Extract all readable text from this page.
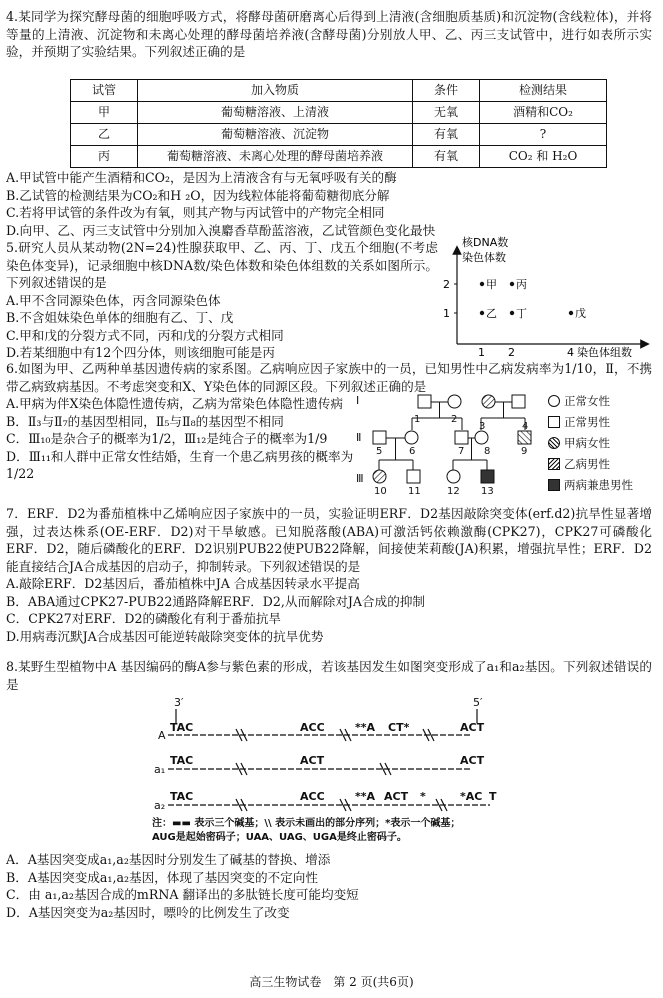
4.某同学为探究酵母菌的细胞呼吸方式，将酵母菌研磨离心后得到上清液(含细胞质基质)和沉淀物(含线粒体)，并将等量的上清液、沉淀物和未离心处理的酵母菌培养液(含酵母菌)分别放人甲、乙、丙三支试管中，进行如表所示实验，并预期了实验结果。下列叙述正确的是

试管	加入物质	条件	检测结果
甲	葡萄糖溶液、上清液	无氧	酒精和CO₂
乙	葡萄糖溶液、沉淀物	有氧	?
丙	葡萄糖溶液、未离心处理的酵母菌培养液	有氧	CO₂ 和 H₂O

A.甲试管中能产生酒精和CO₂，是因为上清液含有与无氧呼吸有关的酶

B.乙试管的检测结果为CO₂和H ₂O，因为线粒体能将葡萄糖彻底分解

C.若将甲试管的条件改为有氧，则其产物与丙试管中的产物完全相同

D.向甲、乙、丙三支试管中分别加入溴麝香草酚蓝溶液，乙试管颜色变化最快

5.研究人员从某动物(2N=24)性腺获取甲、乙、丙、丁、戊五个细胞(不考虑染色体变异)，记录细胞中核DNA数/染色体数和染色体组数的关系如图所示。下列叙述错误的是

A.甲不含同源染色体，丙含同源染色体

B.不含姐妹染色单体的细胞有乙、丁、戊

C.甲和戊的分裂方式不同，丙和戊的分裂方式相同

D.若某细胞中有12个四分体，则该细胞可能是丙

核DNA数
染色体数
2
1
1 2	4 染色体组数
甲 丙
乙 丁	戊

6.如图为甲、乙两种单基因遗传病的家系图。乙病响应因子家族中的一员，已知男性中乙病发病率为1/10，Ⅱ，不携带乙病致病基因。不考虑突变和X、Y染色体的同源区段。下列叙述正确的是

A.甲病为伴X染色体隐性遗传病，乙病为常染色体隐性遗传病

B．Ⅱ₃与Ⅱ₇的基因型相同，Ⅱ₅与Ⅱ₈的基因型不相同

C．Ⅲ₁₀是杂合子的概率为1/2，Ⅲ₁₂是纯合子的概率为1/9

D．Ⅲ₁₁和人群中正常女性结婚，生育一个患乙病男孩的概率为1/22

Ⅰ
Ⅱ
Ⅲ
3	4
5	6	7 8	9
10 11	12 13
1	2
正常女性
正常男性
甲病女性
乙病男性
两病兼患男性

7．ERF．D2为番茄植株中乙烯响应因子家族中的一员，实验证明ERF．D2基因敲除突变体(erf.d2)抗旱性显著增强，过表达株系(OE-ERF．D2)对干旱敏感。已知脱落酸(ABA)可激活钙依赖激酶(CPK27)，CPK27可磷酸化ERF．D2，随后磷酸化的ERF．D2识别PUB22使PUB22降解，间接使茉莉酸(JA)积累，增强抗旱性；ERF．D2能直接结合JA合成基因的启动子，抑制转录。下列叙述错误的是

A.敲除ERF．D2基因后，番茄植株中JA 合成基因转录水平提高

B．ABA通过CPK27-PUB22通路降解ERF．D2,从而解除对JA合成的抑制

C．CPK27对ERF．D2的磷酸化有利于番茄抗旱

D.用病毒沉默JA合成基因可能逆转敲除突变体的抗旱优势

8.某野生型植物中A 基因编码的酶A参与紫色素的形成，若该基因发生如图突变形成了a₁和a₂基因。下列叙述错误的是

3′	5′
A
a₁
a₂
TAC	ACC	**A CT*	ACT
TAC	ACT	ACT
TAC	ACC	**A ACT *	*AC T
注：▬▬ 表示三个碱基；\\ 表示未画出的部分序列；*表示一个碱基；
AUG是起始密码子；UAA、UAG、UGA是终止密码子。

A．A基因突变成a₁,a₂基因时分别发生了碱基的替换、增添

B．A基因突变成a₁,a₂基因，体现了基因突变的不定向性

C．由 a₁,a₂基因合成的mRNA 翻译出的多肽链长度可能均变短

D．A基因突变为a₂基因时，嘌呤的比例发生了改变

高三生物试卷　第 2 页(共6页)
